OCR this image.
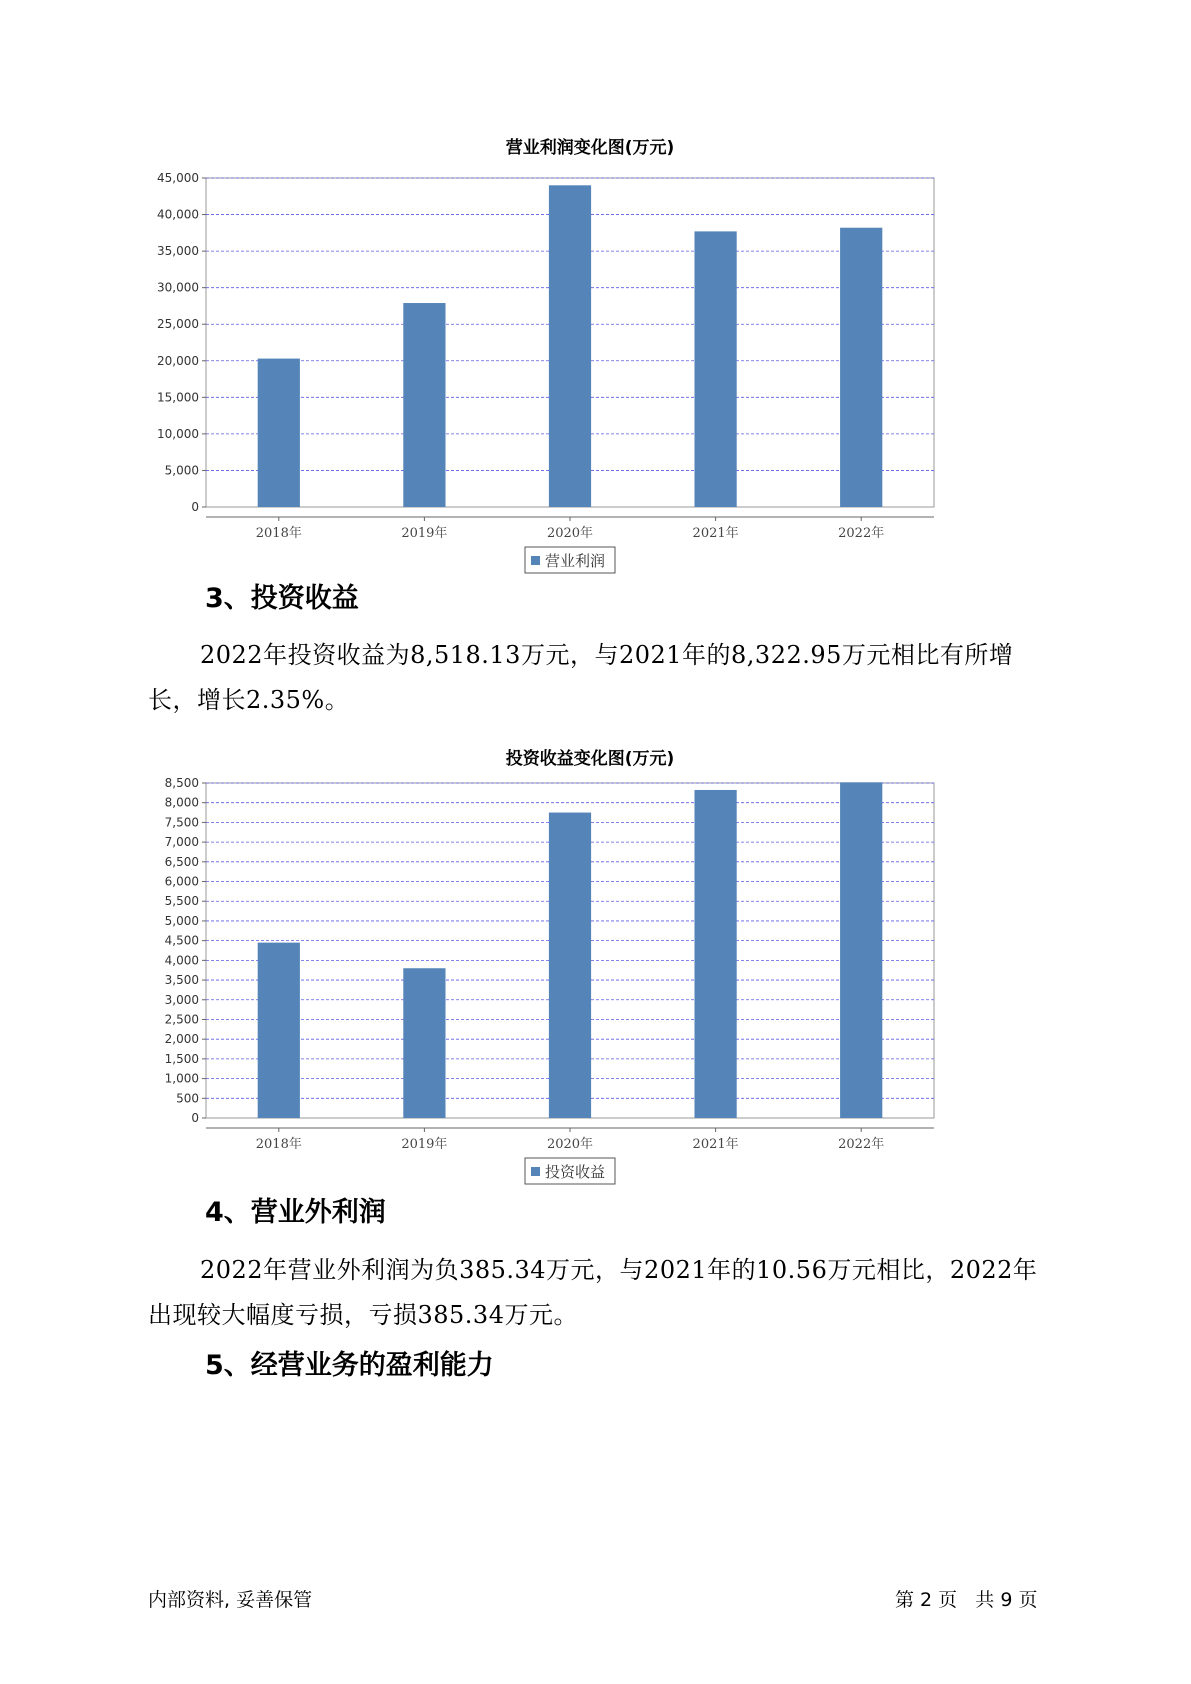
营业利润变化图(万元)
0
5,000
10,000
15,000
20,000
25,000
30,000
35,000
40,000
45,000
2018年	2019年	2020年	2021年	2022年
营业利润
3、投资收益

2022年投资收益为8,518.13万元，与2021年的8,322.95万元相比有所增长，增长2.35%。

投资收益变化图(万元)
0
500
1,000
1,500
2,000
2,500
3,000
3,500
4,000
4,500
5,000
5,500
6,000
6,500
7,000
7,500
8,000
8,500
2018年	2019年	2020年	2021年	2022年
投资收益
4、营业外利润

2022年营业外利润为负385.34万元，与2021年的10.56万元相比，2022年出现较大幅度亏损，亏损385.34万元。

5、经营业务的盈利能力
内部资料, 妥善保管	第 2 页   共 9 页
